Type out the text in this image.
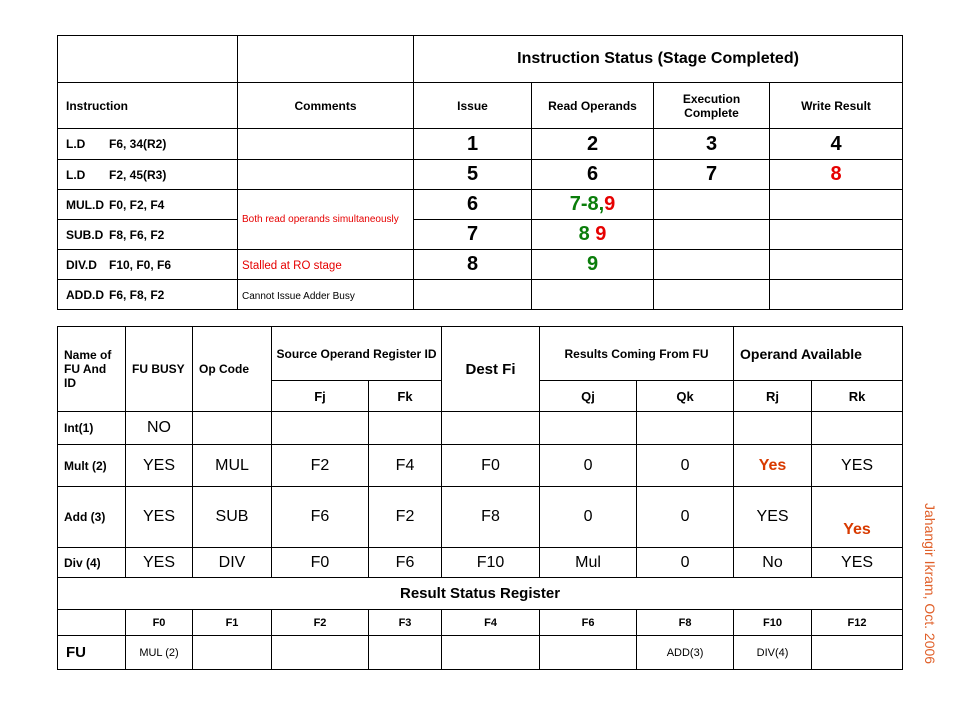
		Instruction Status (Stage Completed)			
Instruction	Comments	Issue	Read Operands	Execution Complete	Write Result
L.D F6, 34(R2)		1	2	3	4
L.D F2, 45(R3)		5	6	7	8
MUL.D F0, F2, F4	Both read operands simultaneously	6	7-8,9		
SUB.D F8, F6, F2		7	8 9		
DIV.D F10, F0, F6	Stalled at RO stage	8	9		
ADD.D F6, F8, F2	Cannot Issue Adder Busy				
Name of FU And ID	FU BUSY	Op Code	Source Operand Register ID		Dest Fi	Results Coming From FU		Operand Available	
			Fj	Fk		Qj	Qk	Rj	Rk
Int(1)	NO								
Mult (2)	YES	MUL	F2	F4	F0	0	0	Yes	YES
Add (3)	YES	SUB	F6	F2	F8	0	0	YES	Yes
Div (4)	YES	DIV	F0	F6	F10	Mul	0	No	YES
Result Status Register									
	F0	F1	F2	F3	F4	F6	F8	F10	F12
FU	MUL (2)						ADD(3)	DIV(4)		Jahangir Ikram, Oct. 2006
